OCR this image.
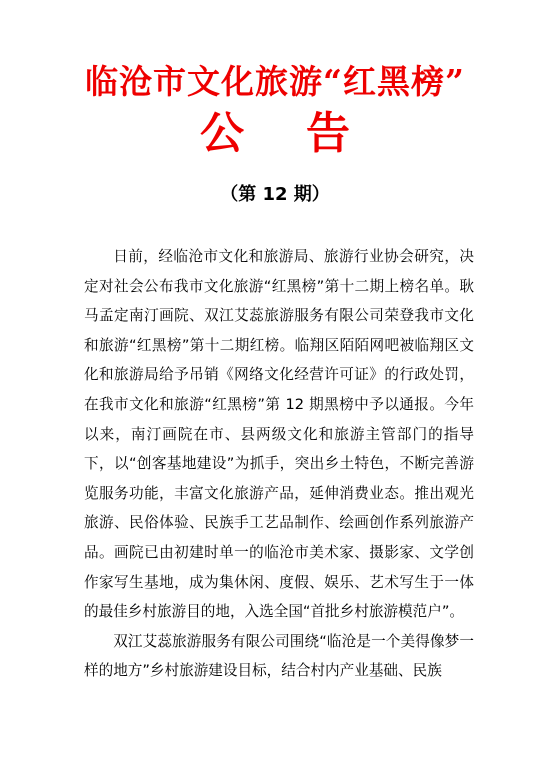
临沧市文化旅游“红黑榜”
公 告
（第 12 期）

日前，经临沧市文化和旅游局、旅游行业协会研究，决定对社会公布我市文化旅游“红黑榜”第十二期上榜名单。耿马孟定南汀画院、双江艾蕊旅游服务有限公司荣登我市文化和旅游“红黑榜”第十二期红榜。临翔区陌陌网吧被临翔区文化和旅游局给予吊销《网络文化经营许可证》的行政处罚，在我市文化和旅游“红黑榜”第 12 期黑榜中予以通报。今年以来，南汀画院在市、县两级文化和旅游主管部门的指导下，以“创客基地建设”为抓手，突出乡土特色，不断完善游览服务功能，丰富文化旅游产品，延伸消费业态。推出观光旅游、民俗体验、民族手工艺品制作、绘画创作系列旅游产品。画院已由初建时单一的临沧市美术家、摄影家、文学创作家写生基地，成为集休闲、度假、娱乐、艺术写生于一体的最佳乡村旅游目的地，入选全国“首批乡村旅游模范户”。

双江艾蕊旅游服务有限公司围绕“临沧是一个美得像梦一样的地方”乡村旅游建设目标，结合村内产业基础、民族
